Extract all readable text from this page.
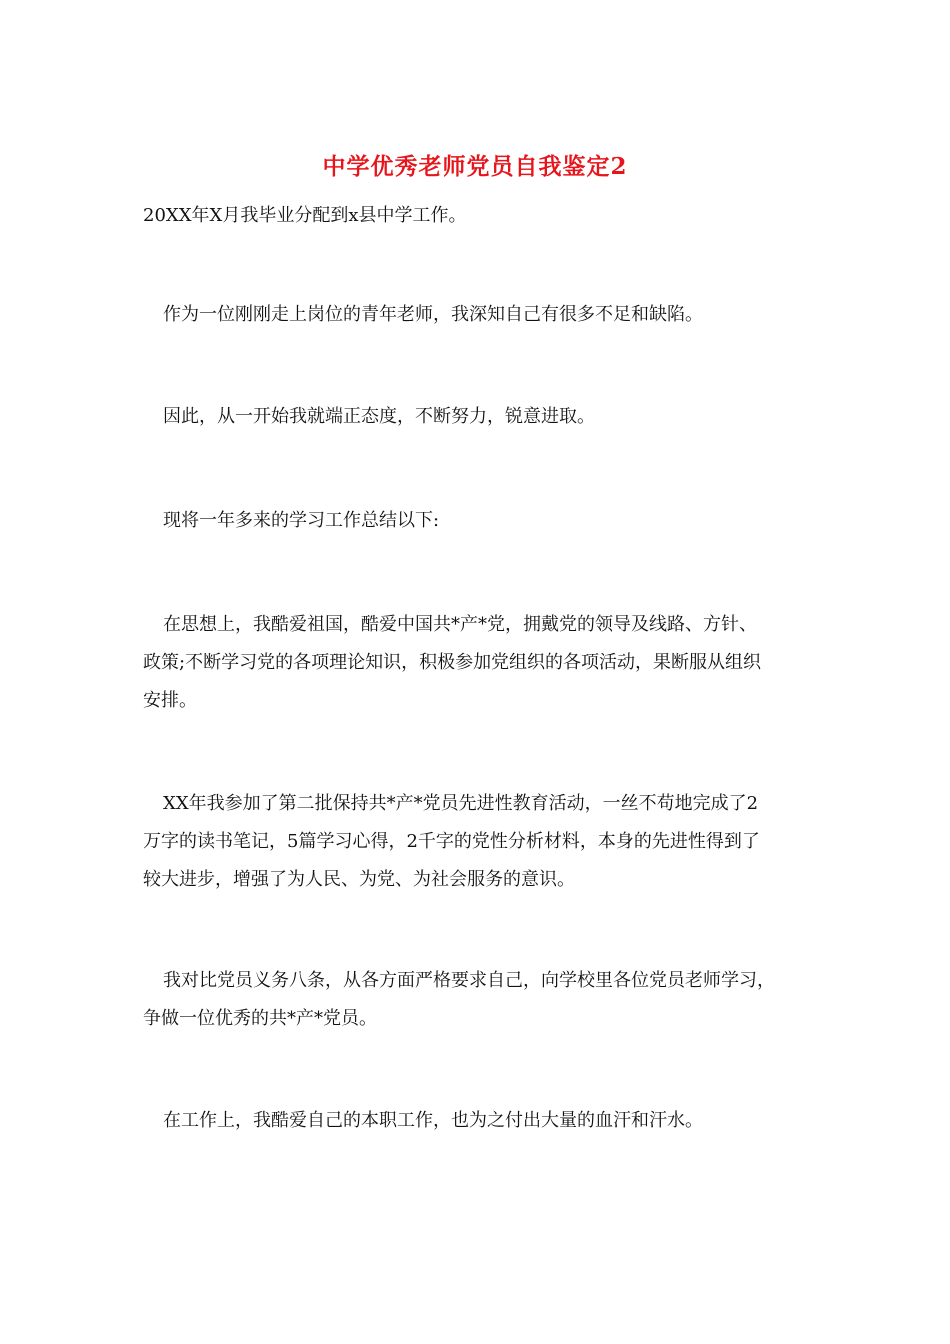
中学优秀老师党员自我鉴定2

20XX年X月我毕业分配到x县中学工作。

作为一位刚刚走上岗位的青年老师，我深知自己有很多不足和缺陷。

因此，从一开始我就端正态度，不断努力，锐意进取。

现将一年多来的学习工作总结以下:

在思想上，我酷爱祖国，酷爱中国共*产*党，拥戴党的领导及线路、方针、
政策;不断学习党的各项理论知识，积极参加党组织的各项活动，果断服从组织
安排。

XX年我参加了第二批保持共*产*党员先进性教育活动，一丝不苟地完成了2
万字的读书笔记，5篇学习心得，2千字的党性分析材料，本身的先进性得到了
较大进步，增强了为人民、为党、为社会服务的意识。

我对比党员义务八条，从各方面严格要求自己，向学校里各位党员老师学习，
争做一位优秀的共*产*党员。

在工作上，我酷爱自己的本职工作，也为之付出大量的血汗和汗水。
